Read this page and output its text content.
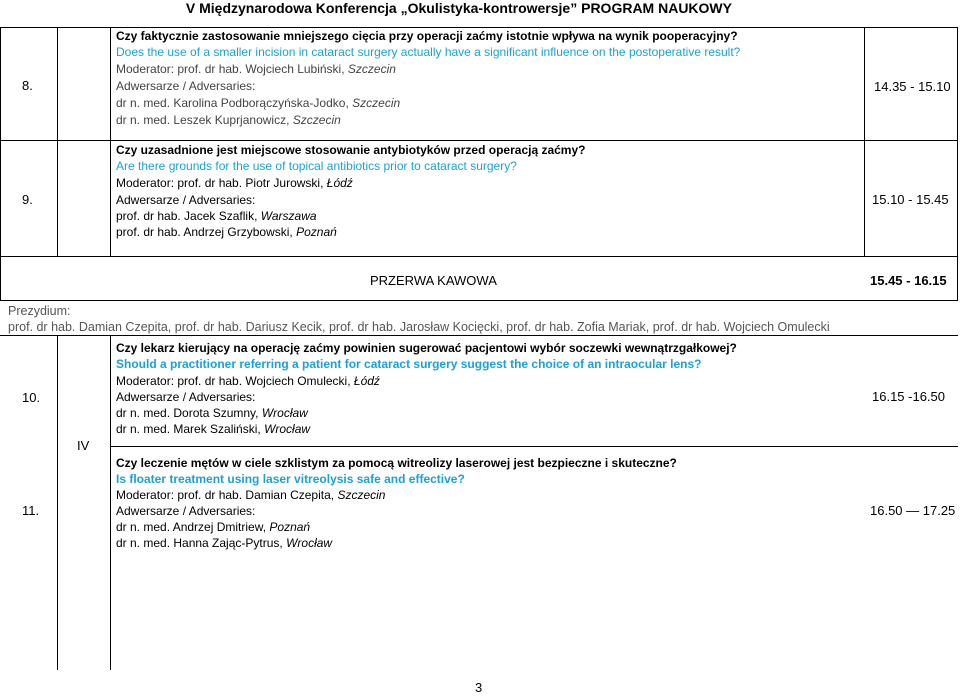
V Międzynarodowa Konferencja „Okulistyka-kontrowersje” PROGRAM NAUKOWY
8.
Czy faktycznie zastosowanie mniejszego cięcia przy operacji zaćmy istotnie wpływa na wynik pooperacyjny?
Does the use of a smaller incision in cataract surgery actually have a significant influence on the postoperative result?
Moderator: prof. dr hab. Wojciech Lubiński, Szczecin
Adwersarze / Adversaries:
dr n. med. Karolina Podborączyńska-Jodko, Szczecin
dr n. med. Leszek Kuprjanowicz, Szczecin
14.35 - 15.10
9.
Czy uzasadnione jest miejscowe stosowanie antybiotyków przed operacją zaćmy?
Are there grounds for the use of topical antibiotics prior to cataract surgery?
Moderator: prof. dr hab. Piotr Jurowski, Łódź
Adwersarze / Adversaries:
prof. dr hab. Jacek Szaflik, Warszawa
prof. dr hab. Andrzej Grzybowski, Poznań
15.10 - 15.45
PRZERWA KAWOWA	15.45 - 16.15
Prezydium:
prof. dr hab. Damian Czepita, prof. dr hab. Dariusz Kecik, prof. dr hab. Jarosław Kocięcki, prof. dr hab. Zofia Mariak, prof. dr hab. Wojciech Omulecki
IV
10.
Czy lekarz kierujący na operację zaćmy powinien sugerować pacjentowi wybór soczewki wewnątrzgałkowej?
Should a practitioner referring a patient for cataract surgery suggest the choice of an intraocular lens?
Moderator: prof. dr hab. Wojciech Omulecki, Łódź
Adwersarze / Adversaries:
dr n. med. Dorota Szumny, Wrocław
dr n. med. Marek Szaliński, Wrocław
16.15 -16.50
11.
Czy leczenie mętów w ciele szklistym za pomocą witreolizy laserowej jest bezpieczne i skuteczne?
Is floater treatment using laser vitreolysis safe and effective?
Moderator: prof. dr hab. Damian Czepita, Szczecin
Adwersarze / Adversaries:
dr n. med. Andrzej Dmitriew, Poznań
dr n. med. Hanna Zając-Pytrus, Wrocław
16.50 — 17.25
3
